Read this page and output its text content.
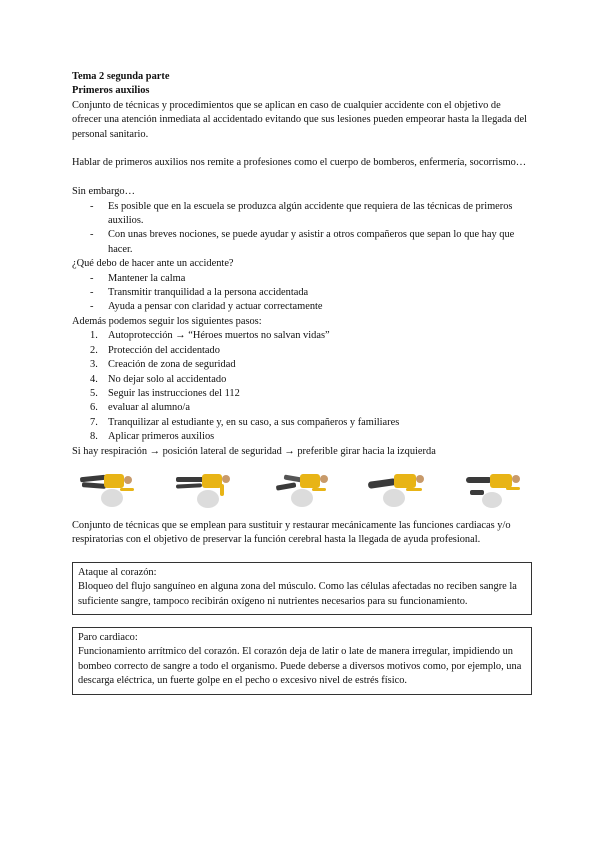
Tema 2 segunda parte

Primeros auxilios

Conjunto de técnicas y procedimientos que se aplican en caso de cualquier accidente con el objetivo de ofrecer una atención inmediata al accidentado evitando que sus lesiones pueden empeorar hasta la llegada del personal sanitario.

Hablar de primeros auxilios nos remite a profesiones como el cuerpo de bomberos, enfermería, socorrismo…

Sin embargo…

- Es posible que en la escuela se produzca algún accidente que requiera de las técnicas de primeros auxilios.
- Con unas breves nociones, se puede ayudar y asistir a otros compañeros que sepan lo que hay que hacer.

¿Qué debo de hacer ante un accidente?

- Mantener la calma
- Transmitir tranquilidad a la persona accidentada
- Ayuda a pensar con claridad y actuar correctamente

Además podemos seguir los siguientes pasos:

1. Autoprotección → “Héroes muertos no salvan vidas”
2. Protección del accidentado
3. Creación de zona de seguridad
4. No dejar solo al accidentado
5. Seguir las instrucciones del 112
6. evaluar al alumno/a
7. Tranquilizar al estudiante y, en su caso, a sus compañeros y familiares
8. Aplicar primeros auxilios

Si hay respiración → posición lateral de seguridad → preferible girar hacia la izquierda

Conjunto de técnicas que se emplean para sustituir y restaurar mecánicamente las funciones cardiacas y/o respiratorias con el objetivo de preservar la función cerebral hasta la llegada de ayuda profesional.

Ataque al corazón:

Bloqueo del flujo sanguíneo en alguna zona del músculo. Como las células afectadas no reciben sangre la suficiente sangre, tampoco recibirán oxígeno ni nutrientes necesarios para su funcionamiento.

Paro cardiaco:

Funcionamiento arrítmico del corazón. El corazón deja de latir o late de manera irregular, impidiendo un bombeo correcto de sangre a todo el organismo. Puede deberse a diversos motivos como, por ejemplo, una descarga eléctrica, un fuerte golpe en el pecho o excesivo nivel de estrés físico.
